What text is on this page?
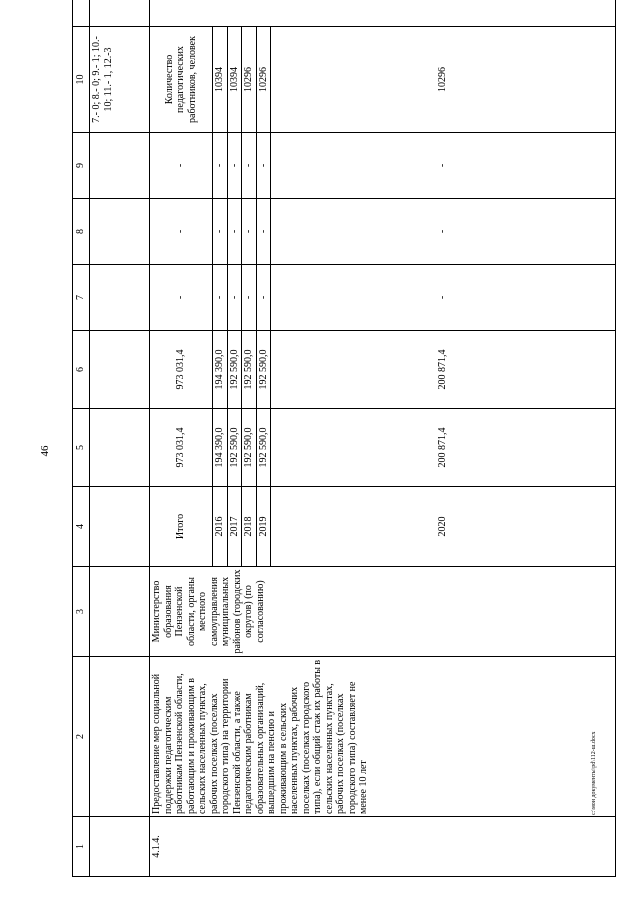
46
c:\мои документы\pd\112-ш.docx
1	2	3	4	5	6	7	8	9	10	
									7.- 0; 8.- 0; 9.- 1; 10.- 10; 11.- 1, 12.-3	
4.1.4.	Предоставление мер социальной поддержки педагогическим работникам Пензенской области, работающим и проживающим в сельских населенных пунктах, рабочих поселках (поселках городского типа) на территории Пензенской области, а также педагогическим работникам образовательных организаций, вышедшим на пенсию и проживающим в сельских населенных пунктах, рабочих поселках (поселках городского типа), если общий стаж их работы в сельских населенных пунктах, рабочих поселках (поселках городского типа) составляет не менее 10 лет	Министерство образования Пензенской области, органы местного самоуправления муниципальных районов (городских округов) (по согласованию)	Итого	973 031,4	973 031,4	-	-	-	Количество педагогических работников, человек	
			2016	194 390,0	194 390,0	-	-	-	10394	
			2017	192 590,0	192 590,0	-	-	-	10394	
			2018	192 590,0	192 590,0	-	-	-	10296	
			2019	192 590,0	192 590,0	-	-	-	10296	
			2020	200 871,4	200 871,4	-	-	-	10296	
